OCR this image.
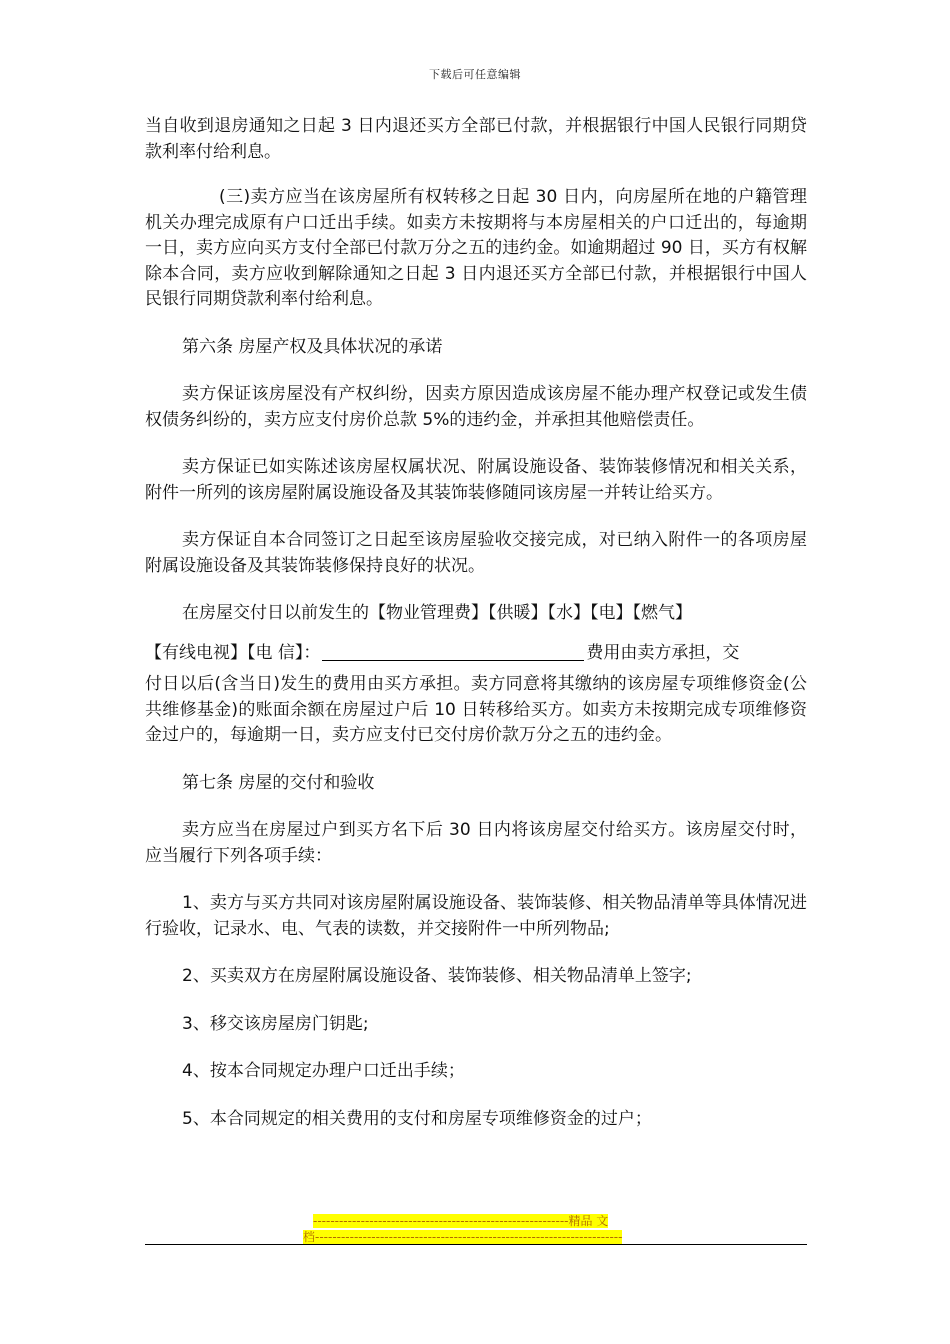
下载后可任意编辑

当自收到退房通知之日起 3 日内退还买方全部已付款，并根据银行中国人民银行同期贷款利率付给利息。

(三)卖方应当在该房屋所有权转移之日起 30 日内，向房屋所在地的户籍管理机关办理完成原有户口迁出手续。如卖方未按期将与本房屋相关的户口迁出的，每逾期一日，卖方应向买方支付全部已付款万分之五的违约金。如逾期超过 90 日，买方有权解除本合同，卖方应收到解除通知之日起 3 日内退还买方全部已付款，并根据银行中国人民银行同期贷款利率付给利息。

第六条 房屋产权及具体状况的承诺

卖方保证该房屋没有产权纠纷，因卖方原因造成该房屋不能办理产权登记或发生债权债务纠纷的，卖方应支付房价总款 5%的违约金，并承担其他赔偿责任。

卖方保证已如实陈述该房屋权属状况、附属设施设备、装饰装修情况和相关关系，附件一所列的该房屋附属设施设备及其装饰装修随同该房屋一并转让给买方。

卖方保证自本合同签订之日起至该房屋验收交接完成，对已纳入附件一的各项房屋附属设施设备及其装饰装修保持良好的状况。

在房屋交付日以前发生的【物业管理费】【供暖】【水】【电】【燃气】

【有线电视】【电 信】：	费用由卖方承担，交

付日以后(含当日)发生的费用由买方承担。卖方同意将其缴纳的该房屋专项维修资金(公共维修基金)的账面余额在房屋过户后 10 日转移给买方。如卖方未按期完成专项维修资金过户的，每逾期一日，卖方应支付已交付房价款万分之五的违约金。

第七条 房屋的交付和验收

卖方应当在房屋过户到买方名下后 30 日内将该房屋交付给买方。该房屋交付时，应当履行下列各项手续：

1、卖方与买方共同对该房屋附属设施设备、装饰装修、相关物品清单等具体情况进行验收，记录水、电、气表的读数，并交接附件一中所列物品;

2、买卖双方在房屋附属设施设备、装饰装修、相关物品清单上签字;

3、移交该房屋房门钥匙;

4、按本合同规定办理户口迁出手续；

5、本合同规定的相关费用的支付和房屋专项维修资金的过户；

-----------------------------------------------------------精品 文
档-----------------------------------------------------------------------
